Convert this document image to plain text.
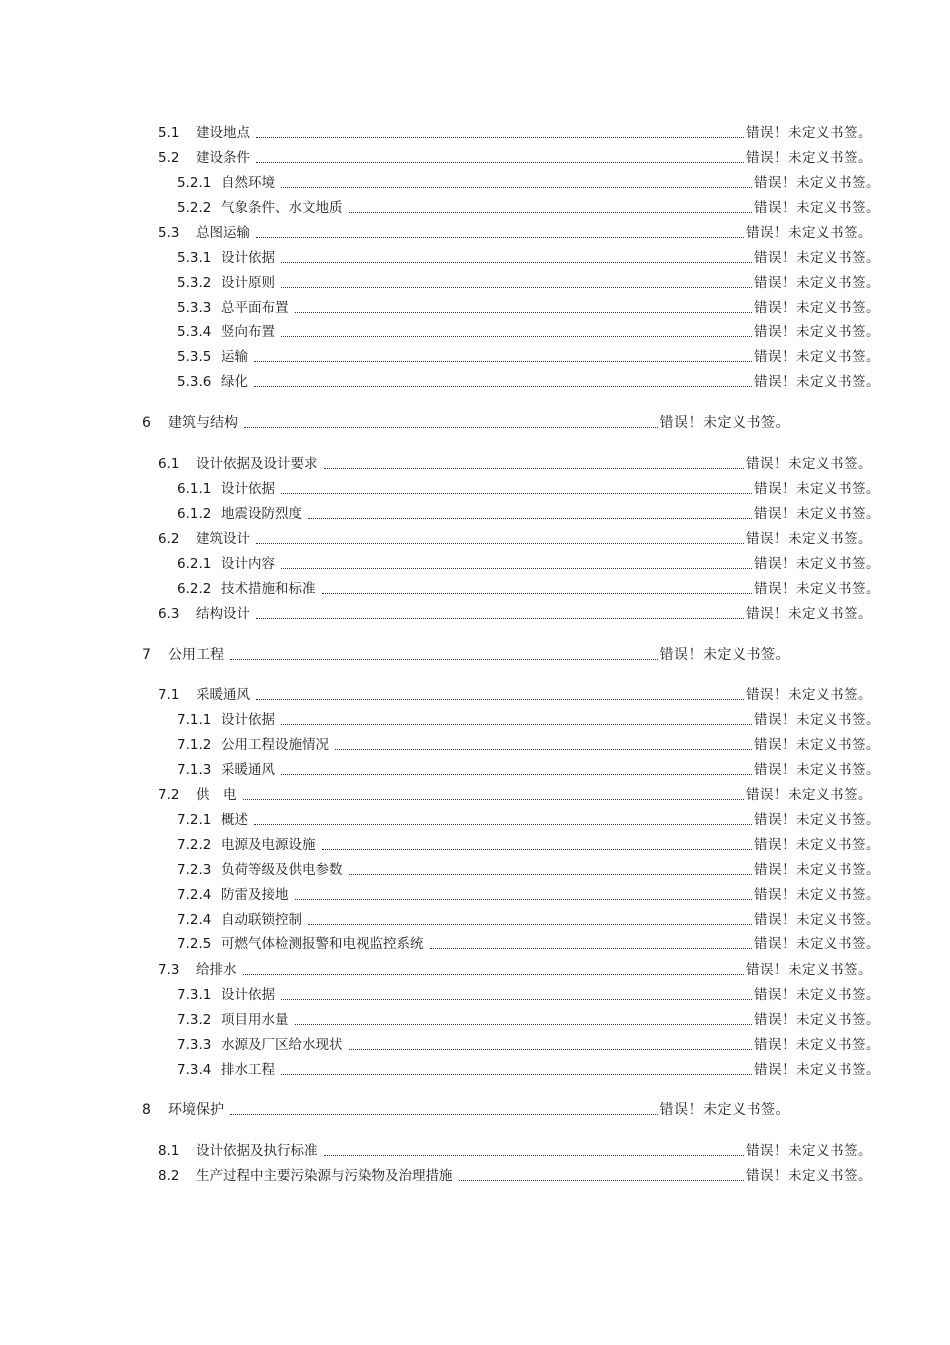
5.1	建设地点	错误！未定义书签。
5.2	建设条件	错误！未定义书签。
5.2.1 自然环境	错误！未定义书签。
5.2.2 气象条件、水文地质	错误！未定义书签。
5.3	总图运输	错误！未定义书签。
5.3.1 设计依据	错误！未定义书签。
5.3.2 设计原则	错误！未定义书签。
5.3.3 总平面布置	错误！未定义书签。
5.3.4 竖向布置	错误！未定义书签。
5.3.5 运输	错误！未定义书签。
5.3.6 绿化	错误！未定义书签。
6	建筑与结构	错误！未定义书签。
6.1	设计依据及设计要求	错误！未定义书签。
6.1.1 设计依据	错误！未定义书签。
6.1.2 地震设防烈度	错误！未定义书签。
6.2	建筑设计	错误！未定义书签。
6.2.1 设计内容	错误！未定义书签。
6.2.2 技术措施和标准	错误！未定义书签。
6.3	结构设计	错误！未定义书签。
7	公用工程	错误！未定义书签。
7.1	采暖通风	错误！未定义书签。
7.1.1 设计依据	错误！未定义书签。
7.1.2 公用工程设施情况	错误！未定义书签。
7.1.3 采暖通风	错误！未定义书签。
7.2	供　电	错误！未定义书签。
7.2.1 概述	错误！未定义书签。
7.2.2 电源及电源设施	错误！未定义书签。
7.2.3 负荷等级及供电参数	错误！未定义书签。
7.2.4 防雷及接地	错误！未定义书签。
7.2.4 自动联锁控制	错误！未定义书签。
7.2.5 可燃气体检测报警和电视监控系统	错误！未定义书签。
7.3	给排水	错误！未定义书签。
7.3.1 设计依据	错误！未定义书签。
7.3.2 项目用水量	错误！未定义书签。
7.3.3 水源及厂区给水现状	错误！未定义书签。
7.3.4 排水工程	错误！未定义书签。
8	环境保护	错误！未定义书签。
8.1	设计依据及执行标准	错误！未定义书签。
8.2	生产过程中主要污染源与污染物及治理措施	错误！未定义书签。
